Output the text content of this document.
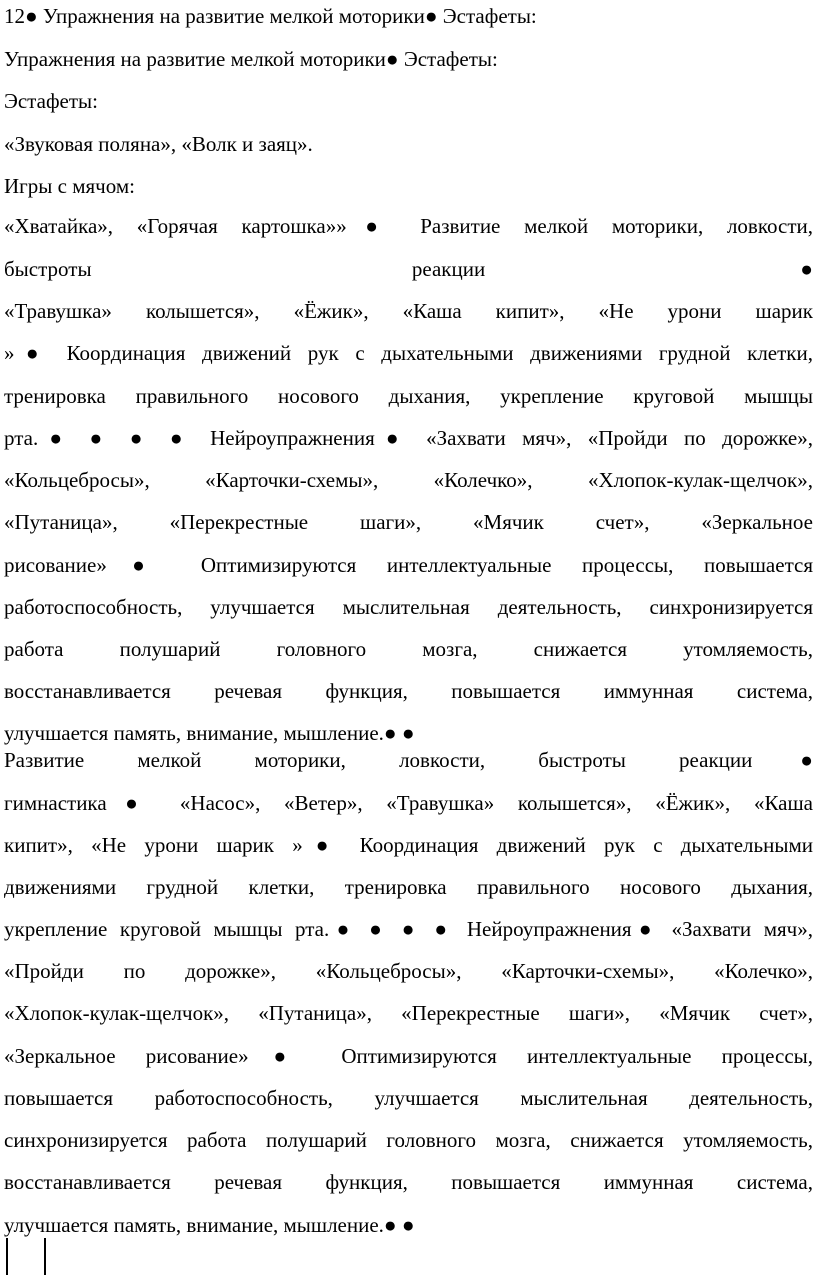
12● Упражнения на развитие мелкой моторики● Эстафеты:

Упражнения на развитие мелкой моторики● Эстафеты:

Эстафеты:

«Звуковая поляна», «Волк и заяц».

Игры с мячом:

«Хватайка», «Горячая картошка»»● Развитие мелкой моторики, ловкости,

быстроты реакции●

«Травушка» колышется», «Ёжик», «Каша кипит», «Не урони шарик

»● Координация движений рук с дыхательными движениями грудной клетки,

тренировка правильного носового дыхания, укрепление круговой мышцы

рта.● ● ● ● Нейроупражнения● «Захвати мяч», «Пройди по дорожке»,

«Кольцебросы», «Карточки-схемы», «Колечко», «Хлопок-кулак-щелчок»,

«Путаница», «Перекрестные шаги», «Мячик счет», «Зеркальное

рисование»● Оптимизируются интеллектуальные процессы, повышается

работоспособность, улучшается мыслительная деятельность, синхронизируется

работа полушарий головного мозга, снижается утомляемость,

восстанавливается речевая функция, повышается иммунная система,

улучшается память, внимание, мышление.● ●

Развитие мелкой моторики, ловкости, быстроты реакции●

гимнастика● «Насос», «Ветер», «Травушка» колышется», «Ёжик», «Каша

кипит», «Не урони шарик »● Координация движений рук с дыхательными

движениями грудной клетки, тренировка правильного носового дыхания,

укрепление круговой мышцы рта.● ● ● ● Нейроупражнения● «Захвати мяч»,

«Пройди по дорожке», «Кольцебросы», «Карточки-схемы», «Колечко»,

«Хлопок-кулак-щелчок», «Путаница», «Перекрестные шаги», «Мячик счет»,

«Зеркальное рисование»● Оптимизируются интеллектуальные процессы,

повышается работоспособность, улучшается мыслительная деятельность,

синхронизируется работа полушарий головного мозга, снижается утомляемость,

восстанавливается речевая функция, повышается иммунная система,

улучшается память, внимание, мышление.● ●
